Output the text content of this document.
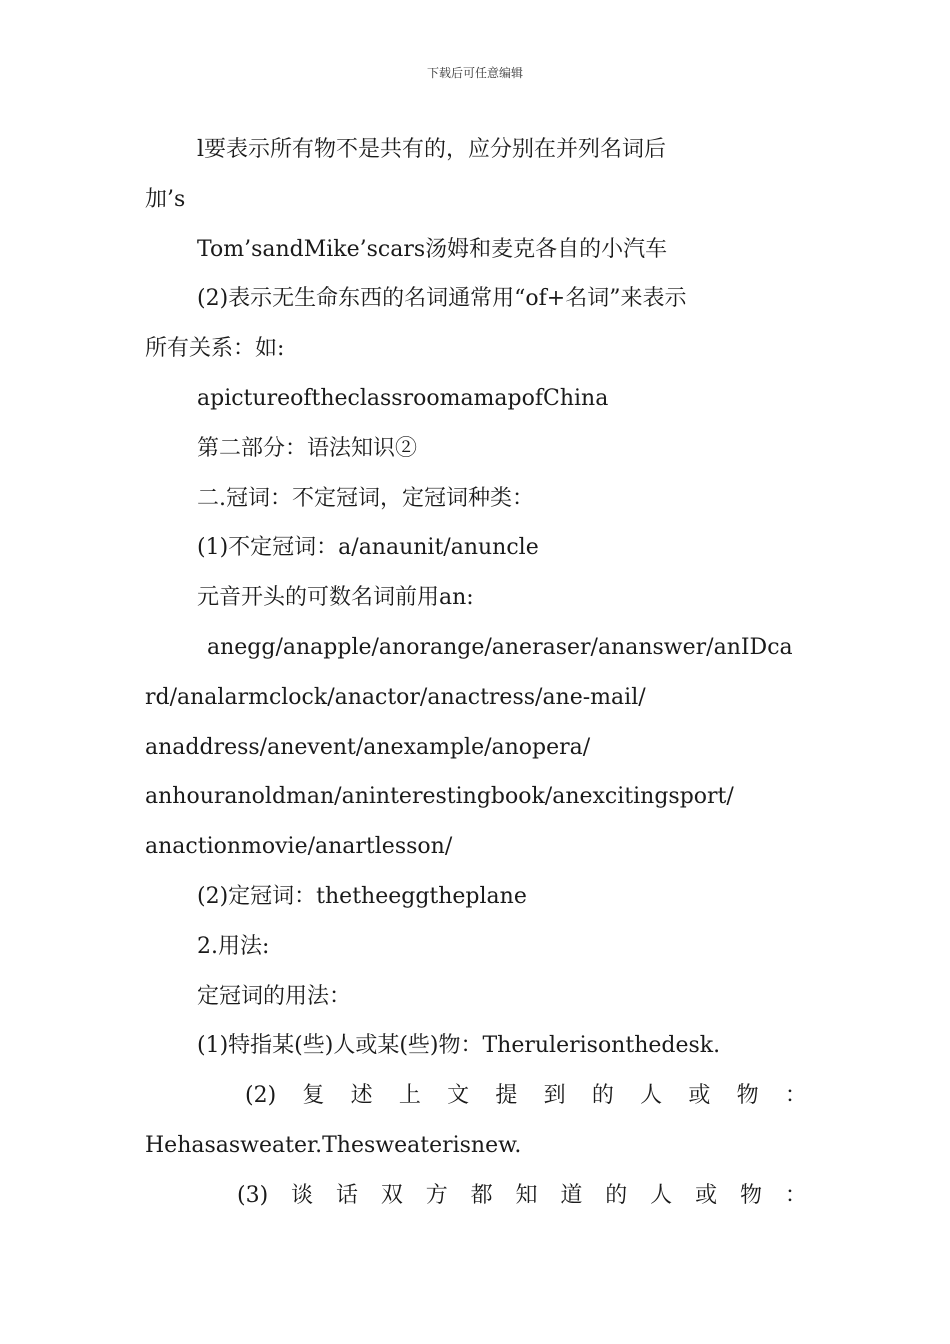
下载后可任意编辑
l要表示所有物不是共有的，应分别在并列名词后
加’s
Tom’sandMike’scars汤姆和麦克各自的小汽车
(2)表示无生命东西的名词通常用“of+名词”来表示
所有关系：如:
apictureoftheclassroomamapofChina
第二部分：语法知识②
二.冠词：不定冠词，定冠词种类：
(1)不定冠词：a/anaunit/anuncle
元音开头的可数名词前用an:
anegg/anapple/anorange/aneraser/ananswer/anIDca
rd/analarmclock/anactor/anactress/ane-mail/
anaddress/anevent/anexample/anopera/
anhouranoldman/aninterestingbook/anexcitingsport/
anactionmovie/anartlesson/
(2)定冠词：thetheeggtheplane
2.用法:
定冠词的用法：
(1)特指某(些)人或某(些)物：Therulerisonthedesk.
(2) 复 述 上 文 提 到 的 人 或 物 ：
Hehasasweater.Thesweaterisnew.
(3) 谈 话 双 方 都 知 道 的 人 或 物 ：
